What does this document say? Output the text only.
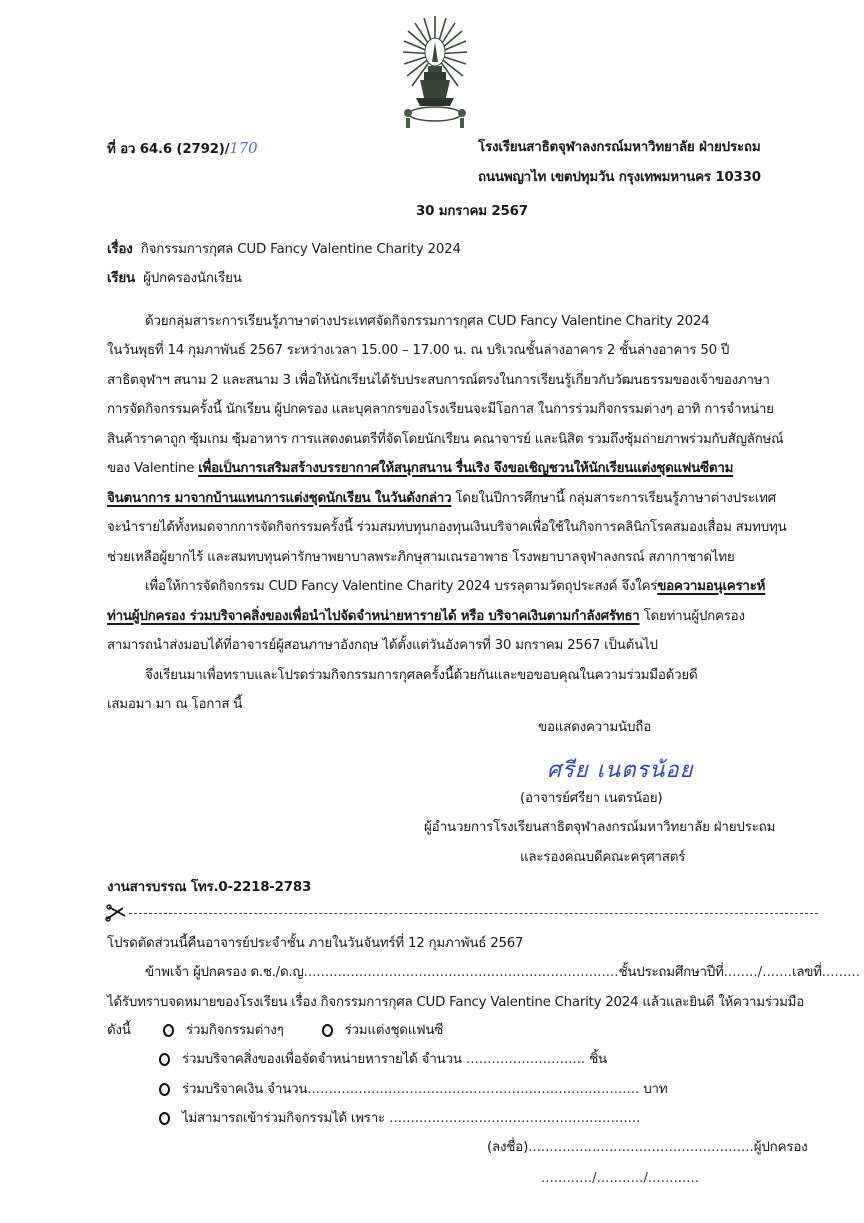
ที่ อว 64.6 (2792)/170	โรงเรียนสาธิตจุฬาลงกรณ์มหาวิทยาลัย ฝ่ายประถม
ถนนพญาไท เขตปทุมวัน กรุงเทพมหานคร 10330
30 มกราคม 2567
เรื่อง กิจกรรมการกุศล CUD Fancy Valentine Charity 2024
เรียน ผู้ปกครองนักเรียน
ด้วยกลุ่มสาระการเรียนรู้ภาษาต่างประเทศจัดกิจกรรมการกุศล CUD Fancy Valentine Charity 2024
ในวันพุธที่ 14 กุมภาพันธ์ 2567 ระหว่างเวลา 15.00 – 17.00 น. ณ บริเวณชั้นล่างอาคาร 2 ชั้นล่างอาคาร 50 ปี
สาธิตจุฬาฯ สนาม 2 และสนาม 3 เพื่อให้นักเรียนได้รับประสบการณ์ตรงในการเรียนรู้เกี่ยวกับวัฒนธรรมของเจ้าของภาษา
การจัดกิจกรรมครั้งนี้ นักเรียน ผู้ปกครอง และบุคลากรของโรงเรียนจะมีโอกาส ในการร่วมกิจกรรมต่างๆ อาทิ การจำหน่าย
สินค้าราคาถูก ซุ้มเกม ซุ้มอาหาร การแสดงดนตรีที่จัดโดยนักเรียน คณาจารย์ และนิสิต รวมถึงซุ้มถ่ายภาพร่วมกับสัญลักษณ์
ของ Valentine เพื่อเป็นการเสริมสร้างบรรยากาศให้สนุกสนาน รื่นเริง จึงขอเชิญชวนให้นักเรียนแต่งชุดแฟนซีตาม
จินตนาการ มาจากบ้านแทนการแต่งชุดนักเรียน ในวันดังกล่าว โดยในปีการศึกษานี้ กลุ่มสาระการเรียนรู้ภาษาต่างประเทศ
จะนำรายได้ทั้งหมดจากการจัดกิจกรรมครั้งนี้ ร่วมสมทบทุนกองทุนเงินบริจาคเพื่อใช้ในกิจการคลินิกโรคสมองเสื่อม สมทบทุน
ช่วยเหลือผู้ยากไร้ และสมทบทุนค่ารักษาพยาบาลพระภิกษุสามเณรอาพาธ โรงพยาบาลจุฬาลงกรณ์ สภากาชาดไทย
เพื่อให้การจัดกิจกรรม CUD Fancy Valentine Charity 2024 บรรลุตามวัตถุประสงค์ จึงใคร่ขอความอนุเคราะห์
ท่านผู้ปกครอง ร่วมบริจาคสิ่งของเพื่อนำไปจัดจำหน่ายหารายได้ หรือ บริจาคเงินตามกำลังศรัทธา โดยท่านผู้ปกครอง
สามารถนำส่งมอบได้ที่อาจารย์ผู้สอนภาษาอังกฤษ ได้ตั้งแต่วันอังคารที่ 30 มกราคม 2567 เป็นต้นไป
จึงเรียนมาเพื่อทราบและโปรดร่วมกิจกรรมการกุศลครั้งนี้ด้วยกันและขอขอบคุณในความร่วมมือด้วยดี
เสมอมา มา ณ โอกาส นี้
ขอแสดงความนับถือ
ศรีย เนตรน้อย
(อาจารย์ศรียา เนตรน้อย)
ผู้อำนวยการโรงเรียนสาธิตจุฬาลงกรณ์มหาวิทยาลัย ฝ่ายประถม
และรองคณบดีคณะครุศาสตร์
งานสารบรรณ โทร.0-2218-2783
โปรดตัดส่วนนี้คืนอาจารย์ประจำชั้น ภายในวันจันทร์ที่ 12 กุมภาพันธ์ 2567
ข้าพเจ้า ผู้ปกครอง ด.ช./ด.ญ..........................................................................ชั้นประถมศึกษาปีที่......../.......เลขที่.........
ได้รับทราบจดหมายของโรงเรียน เรื่อง กิจกรรมการกุศล CUD Fancy Valentine Charity 2024 แล้วและยินดี ให้ความร่วมมือ
ดังนี้	ร่วมกิจกรรมต่างๆ	ร่วมแต่งชุดแฟนซี
ร่วมบริจาคสิ่งของเพื่อจัดจำหน่ายหารายได้ จำนวน ............................ ชิ้น
ร่วมบริจาคเงิน จำนวน.............................................................................. บาท
ไม่สามารถเข้าร่วมกิจกรรมได้ เพราะ ...........................................................
(ลงชื่อ).....................................................ผู้ปกครอง
............/.........../............
